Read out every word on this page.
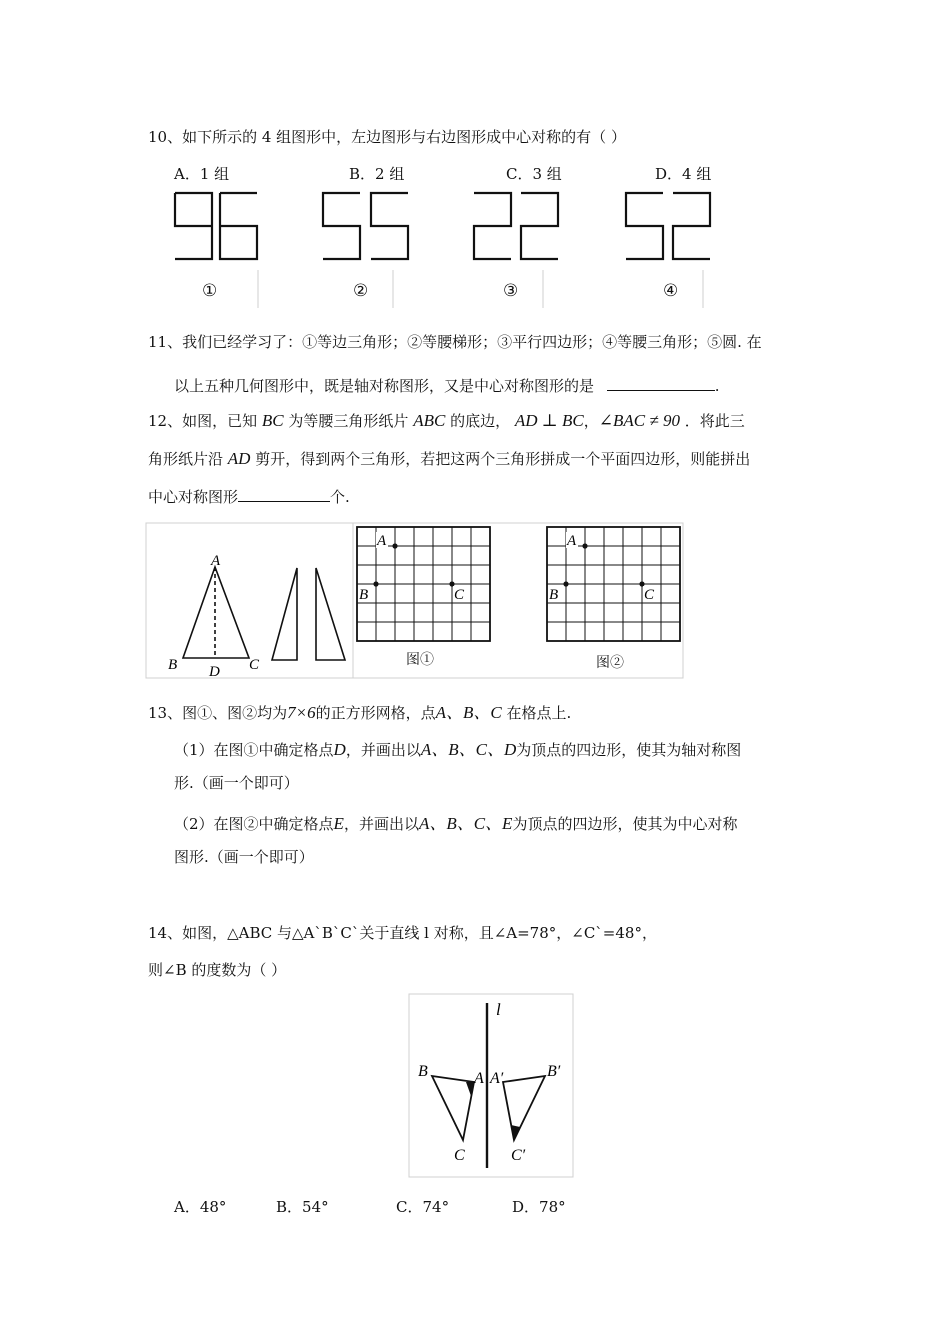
10、如下所示的 4 组图形中，左边图形与右边图形成中心对称的有（ ）
A．1 组	B．2 组	C．3 组	D．4 组
①	②	③	④
11、我们已经学习了：①等边三角形；②等腰梯形；③平行四边形；④等腰三角形；⑤圆. 在
以上五种几何图形中，既是轴对称图形，又是中心对称图形的是	.
12、如图，已知 BC 为等腰三角形纸片 ABC 的底边， AD ⊥ BC，∠BAC ≠ 90 ．将此三
角形纸片沿 AD 剪开，得到两个三角形，若把这两个三角形拼成一个平面四边形，则能拼出
中心对称图形	个.
A
B	C
D
A
B	C
A
B	C
图①	图②
13、图①、图②均为7×6的正方形网格，点A、B、C 在格点上.
（1）在图①中确定格点D，并画出以A、B、C、D为顶点的四边形，使其为轴对称图
形.（画一个即可）
（2）在图②中确定格点E，并画出以A、B、C、E为顶点的四边形，使其为中心对称
图形.（画一个即可）
14、如图，△ABC 与△A`B`C`关于直线 l 对称，且∠A=78°，∠C`=48°，
则∠B 的度数为（ ）
l
B	A
C
A′	B′
C′
A．48°	B．54°	C．74°	D．78°
